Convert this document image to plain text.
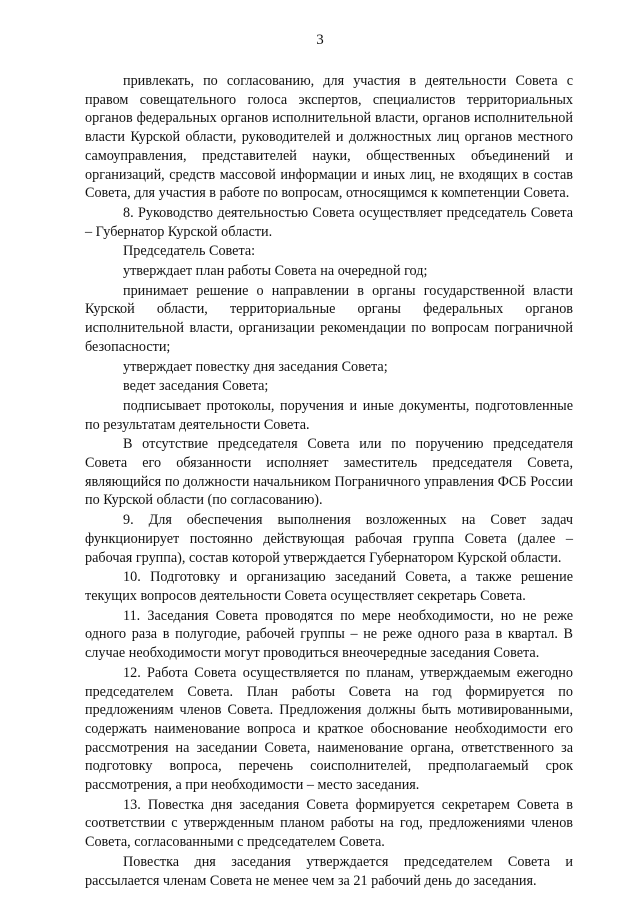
3

привлекать, по согласованию, для участия в деятельности Совета с правом совещательного голоса экспертов, специалистов территориальных органов федеральных органов исполнительной власти, органов исполнительной власти Курской области, руководителей и должностных лиц органов местного самоуправления, представителей науки, общественных объединений и организаций, средств массовой информации и иных лиц, не входящих в состав Совета, для участия в работе по вопросам, относящимся к компетенции Совета.

8. Руководство деятельностью Совета осуществляет председатель Совета – Губернатор Курской области.

Председатель Совета:

утверждает план работы Совета на очередной год;

принимает решение о направлении в органы государственной власти Курской области, территориальные органы федеральных органов исполнительной власти, организации рекомендации по вопросам пограничной безопасности;

утверждает повестку дня заседания Совета;

ведет заседания Совета;

подписывает протоколы, поручения и иные документы, подготовленные по результатам деятельности Совета.

В отсутствие председателя Совета или по поручению председателя Совета его обязанности исполняет заместитель председателя Совета, являющийся по должности начальником Пограничного управления ФСБ России по Курской области (по согласованию).

9. Для обеспечения выполнения возложенных на Совет задач функционирует постоянно действующая рабочая группа Совета (далее – рабочая группа), состав которой утверждается Губернатором Курской области.

10. Подготовку и организацию заседаний Совета, а также решение текущих вопросов деятельности Совета осуществляет секретарь Совета.

11. Заседания Совета проводятся по мере необходимости, но не реже одного раза в полугодие, рабочей группы – не реже одного раза в квартал. В случае необходимости могут проводиться внеочередные заседания Совета.

12. Работа Совета осуществляется по планам, утверждаемым ежегодно председателем Совета. План работы Совета на год формируется по предложениям членов Совета. Предложения должны быть мотивированными, содержать наименование вопроса и краткое обоснование необходимости его рассмотрения на заседании Совета, наименование органа, ответственного за подготовку вопроса, перечень соисполнителей, предполагаемый срок рассмотрения, а при необходимости – место заседания.

13. Повестка дня заседания Совета формируется секретарем Совета в соответствии с утвержденным планом работы на год, предложениями членов Совета, согласованными с председателем Совета.

Повестка дня заседания утверждается председателем Совета и рассылается членам Совета не менее чем за 21 рабочий день до заседания.
